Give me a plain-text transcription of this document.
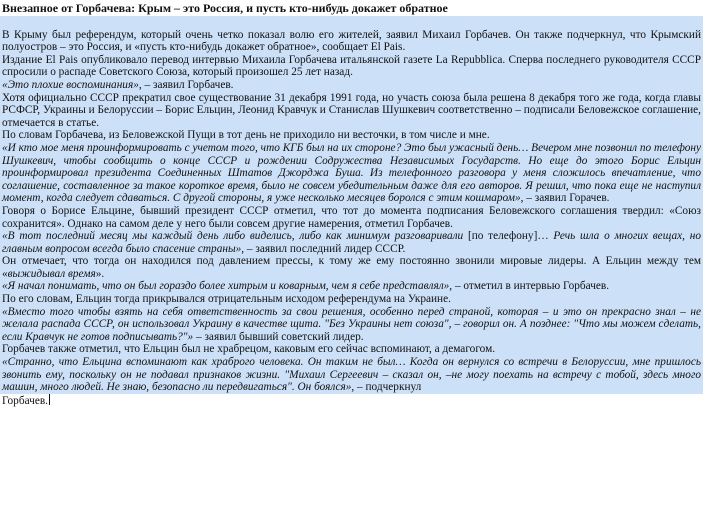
Внезапное от Горбачева: Крым – это Россия, и пусть кто-нибудь докажет обратное

В Крыму был референдум, который очень четко показал волю его жителей, заявил Михаил Горбачев. Он также подчеркнул, что Крымский полуостров – это Россия, и «пусть кто-нибудь докажет обратное», сообщает El Pais.

Издание El Pais опубликовало перевод интервью Михаила Горбачева итальянской газете La Repubblica. Сперва последнего руководителя СССР спросили о распаде Советского Союза, который произошел 25 лет назад.

«Это плохие воспоминания», – заявил Горбачев.

Хотя официально СССР прекратил свое существование 31 декабря 1991 года, но участь союза была решена 8 декабря того же года, когда главы РСФСР, Украины и Белоруссии – Борис Ельцин, Леонид Кравчук и Станислав Шушкевич соответственно – подписали Беловежское соглашение, отмечается в статье.

По словам Горбачева, из Беловежской Пущи в тот день не приходило ни весточки, в том числе и мне.

«И кто мое меня проинформировать с учетом того, что КГБ был на их стороне? Это был ужасный день… Вечером мне позвонил по телефону Шушкевич, чтобы сообщить о конце СССР и рождении Содружества Независимых Государств. Но еще до этого Борис Ельцин проинформировал президента Соединенных Штатов Джорджа Буша. Из телефонного разговора у меня сложилось впечатление, что соглашение, составленное за такое короткое время, было не совсем убедительным даже для его авторов. Я решил, что пока еще не наступил момент, когда следует сдаваться. С другой стороны, я уже несколько месяцев боролся с этим кошмаром», – заявил Горачев.

Говоря о Борисе Ельцине, бывший президент СССР отметил, что тот до момента подписания Беловежского соглашения твердил: «Союз сохранится». Однако на самом деле у него были совсем другие намерения, отметил Горбачев.

«В тот последний месяц мы каждый день либо виделись, либо как минимум разговаривали [по телефону]… Речь шла о многих вещах, но главным вопросом всегда было спасение страны», – заявил последний лидер СССР.

Он отмечает, что тогда он находился под давлением прессы, к тому же ему постоянно звонили мировые лидеры. А Ельцин между тем «выжидывал время».

«Я начал понимать, что он был гораздо более хитрым и коварным, чем я себе представлял», – отметил в интервью Горбачев.

По его словам, Ельцин тогда прикрывался отрицательным исходом референдума на Украине.

«Вместо того чтобы взять на себя ответственность за свои решения, особенно перед страной, которая – и это он прекрасно знал – не желала распада СССР, он использовал Украину в качестве щита. "Без Украины нет союза", – говорил он. А позднее: "Что мы можем сделать, если Кравчук не готов подписывать?"» – заявил бывший советский лидер.

Горбачев также отметил, что Ельцин был не храбрецом, каковым его сейчас вспоминают, а демагогом.

«Странно, что Ельцина вспоминают как храброго человека. Он таким не был… Когда он вернулся со встречи в Белоруссии, мне пришлось звонить ему, поскольку он не подавал признаков жизни. "Михаил Сергеевич – сказал он, –не могу поехать на встречу с тобой, здесь много машин, много людей. Не знаю, безопасно ли передвигаться". Он боялся», – подчеркнул

Горбачев.
